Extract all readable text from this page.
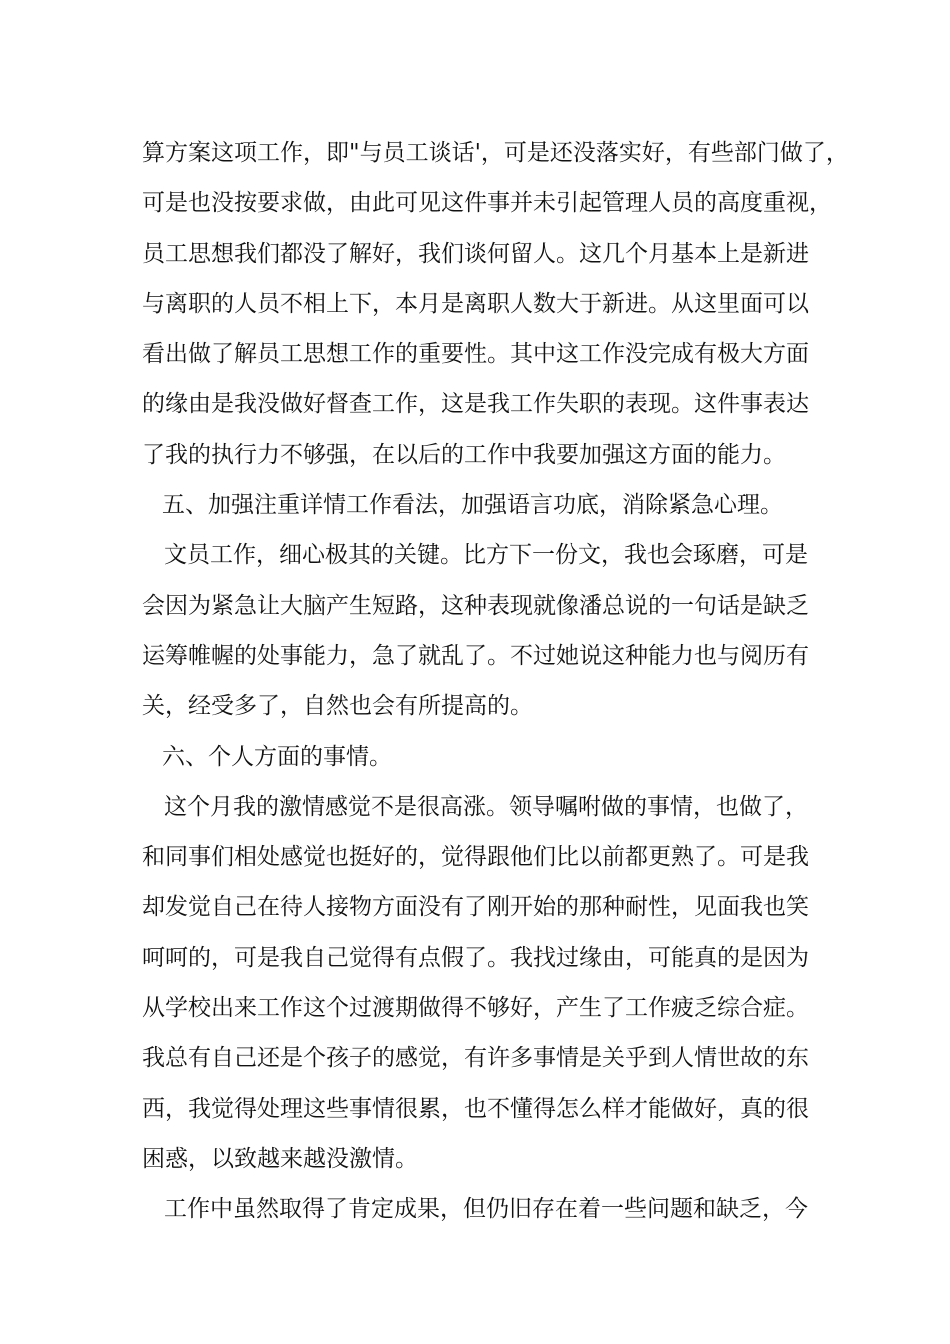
算方案这项工作，即"与员工谈话'，可是还没落实好，有些部门做了，
可是也没按要求做，由此可见这件事并未引起管理人员的高度重视，
员工思想我们都没了解好，我们谈何留人。这几个月基本上是新进
与离职的人员不相上下，本月是离职人数大于新进。从这里面可以
看出做了解员工思想工作的重要性。其中这工作没完成有极大方面
的缘由是我没做好督查工作，这是我工作失职的表现。这件事表达
了我的执行力不够强，在以后的工作中我要加强这方面的能力。
五、加强注重详情工作看法，加强语言功底，消除紧急心理。
文员工作，细心极其的关键。比方下一份文，我也会琢磨，可是
会因为紧急让大脑产生短路，这种表现就像潘总说的一句话是缺乏
运筹帷幄的处事能力，急了就乱了。不过她说这种能力也与阅历有
关，经受多了，自然也会有所提高的。
六、个人方面的事情。
这个月我的激情感觉不是很高涨。领导嘱咐做的事情，也做了，
和同事们相处感觉也挺好的，觉得跟他们比以前都更熟了。可是我
却发觉自己在待人接物方面没有了刚开始的那种耐性，见面我也笑
呵呵的，可是我自己觉得有点假了。我找过缘由，可能真的是因为
从学校出来工作这个过渡期做得不够好，产生了工作疲乏综合症。
我总有自己还是个孩子的感觉，有许多事情是关乎到人情世故的东
西，我觉得处理这些事情很累，也不懂得怎么样才能做好，真的很
困惑，以致越来越没激情。
工作中虽然取得了肯定成果，但仍旧存在着一些问题和缺乏，今
